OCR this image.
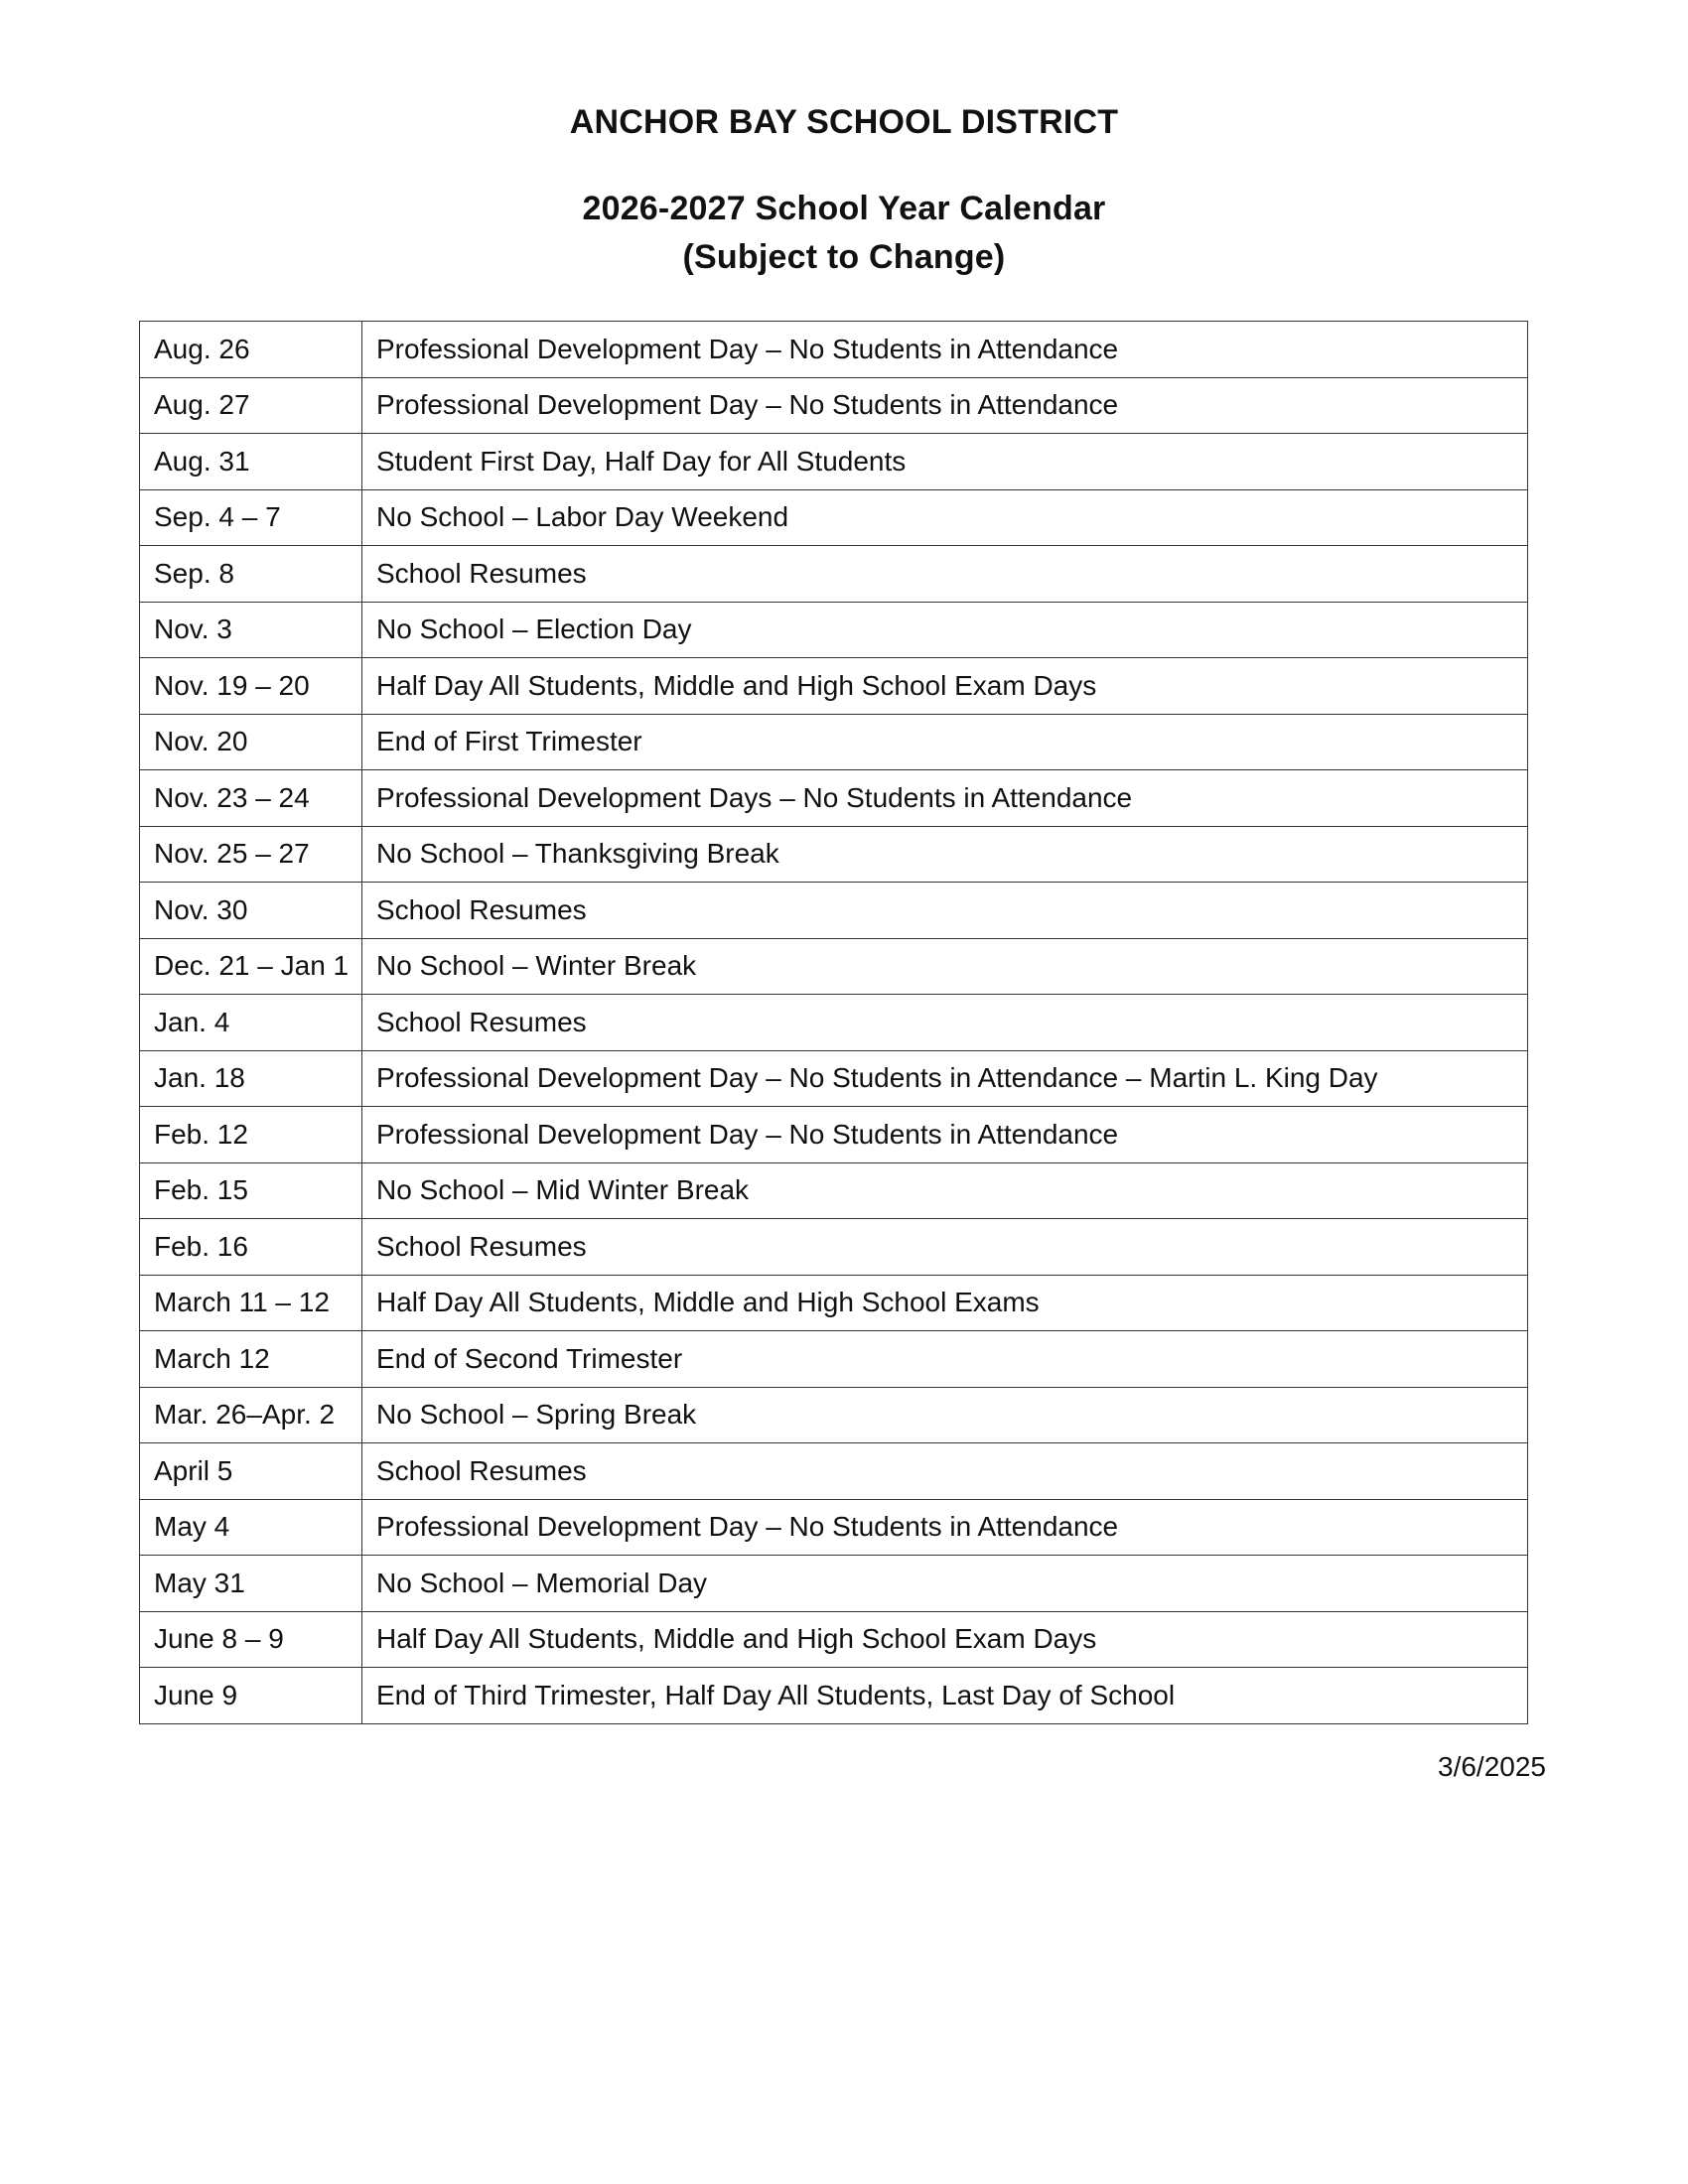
ANCHOR BAY SCHOOL DISTRICT
2026-2027 School Year Calendar
(Subject to Change)
Aug. 26	Professional Development Day – No Students in Attendance
Aug. 27	Professional Development Day – No Students in Attendance
Aug. 31	Student First Day, Half Day for All Students
Sep. 4 – 7	No School – Labor Day Weekend
Sep. 8	School Resumes
Nov. 3	No School – Election Day
Nov. 19 – 20	Half Day All Students, Middle and High School Exam Days
Nov. 20	End of First Trimester
Nov. 23 – 24	Professional Development Days – No Students in Attendance
Nov. 25 – 27	No School – Thanksgiving Break
Nov. 30	School Resumes
Dec. 21 – Jan 1	No School – Winter Break
Jan. 4	School Resumes
Jan. 18	Professional Development Day – No Students in Attendance – Martin L. King Day
Feb. 12	Professional Development Day – No Students in Attendance
Feb. 15	No School – Mid Winter Break
Feb. 16	School Resumes
March 11 – 12	Half Day All Students, Middle and High School Exams
March 12	End of Second Trimester
Mar. 26–Apr. 2	No School – Spring Break
April 5	School Resumes
May 4	Professional Development Day – No Students in Attendance
May 31	No School – Memorial Day
June 8 – 9	Half Day All Students, Middle and High School Exam Days
June 9	End of Third Trimester, Half Day All Students, Last Day of School
3/6/2025
